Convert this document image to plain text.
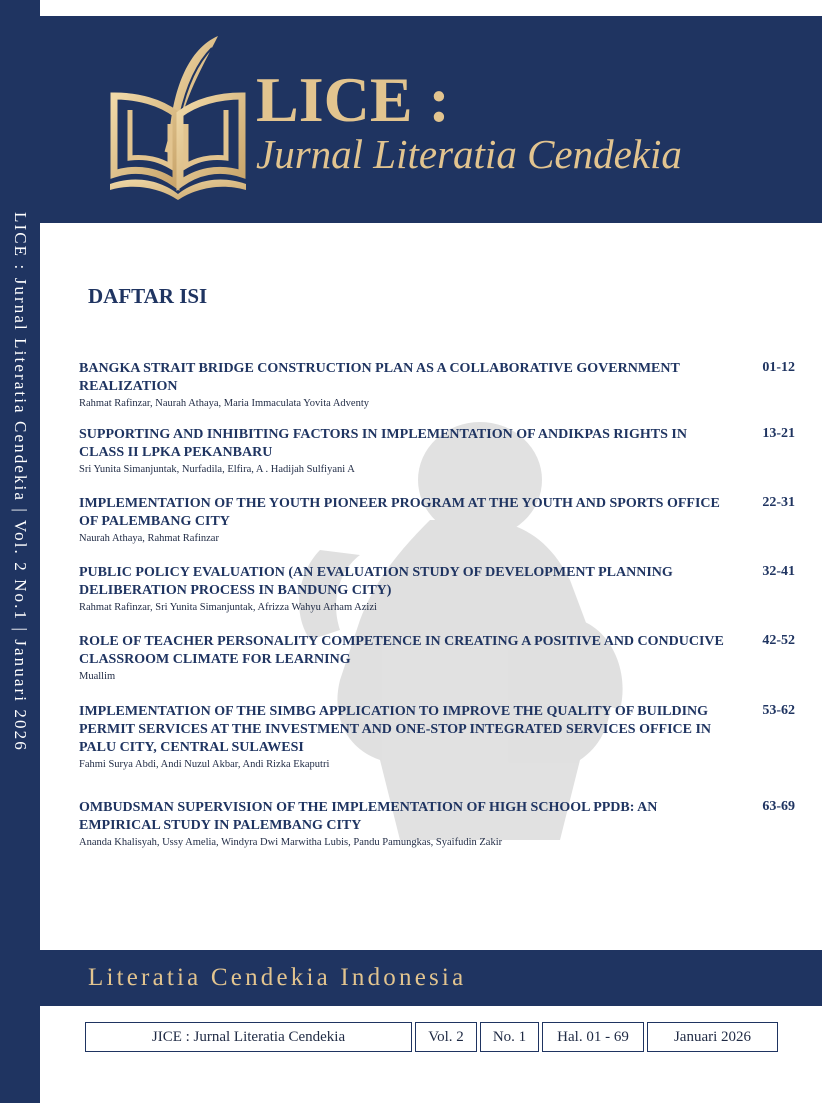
LICE : Jurnal Literatia Cendekia | Vol. 2 No.1 | Januari 2026
LICE :
Jurnal Literatia Cendekia
DAFTAR ISI
BANGKA STRAIT BRIDGE CONSTRUCTION PLAN AS A COLLABORATIVE GOVERNMENT REALIZATION
Rahmat Rafinzar, Naurah Athaya, Maria Immaculata Yovita Adventy
01-12
SUPPORTING AND INHIBITING FACTORS IN IMPLEMENTATION OF ANDIKPAS RIGHTS IN CLASS II LPKA PEKANBARU
Sri Yunita Simanjuntak, Nurfadila, Elfira, A . Hadijah Sulfiyani A
13-21
IMPLEMENTATION OF THE YOUTH PIONEER PROGRAM AT THE YOUTH AND SPORTS OFFICE OF PALEMBANG CITY
Naurah Athaya, Rahmat Rafinzar
22-31
PUBLIC POLICY EVALUATION (AN EVALUATION STUDY OF DEVELOPMENT PLANNING DELIBERATION PROCESS IN BANDUNG CITY)
Rahmat Rafinzar, Sri Yunita Simanjuntak, Afrizza Wahyu Arham Azizi
32-41
ROLE OF TEACHER PERSONALITY COMPETENCE IN CREATING A POSITIVE AND CONDUCIVE CLASSROOM CLIMATE FOR LEARNING
Muallim
42-52
IMPLEMENTATION OF THE SIMBG APPLICATION TO IMPROVE THE QUALITY OF BUILDING PERMIT SERVICES AT THE INVESTMENT AND ONE-STOP INTEGRATED SERVICES OFFICE IN PALU CITY, CENTRAL SULAWESI
Fahmi Surya Abdi, Andi Nuzul Akbar, Andi Rizka Ekaputri
53-62
OMBUDSMAN SUPERVISION OF THE IMPLEMENTATION OF HIGH SCHOOL PPDB: AN EMPIRICAL STUDY IN PALEMBANG CITY
Ananda Khalisyah, Ussy Amelia, Windyra Dwi Marwitha Lubis, Pandu Pamungkas, Syaifudin Zakir
63-69
Literatia Cendekia Indonesia
JICE : Jurnal Literatia Cendekia	Vol. 2	No. 1	Hal. 01 - 69	Januari 2026
